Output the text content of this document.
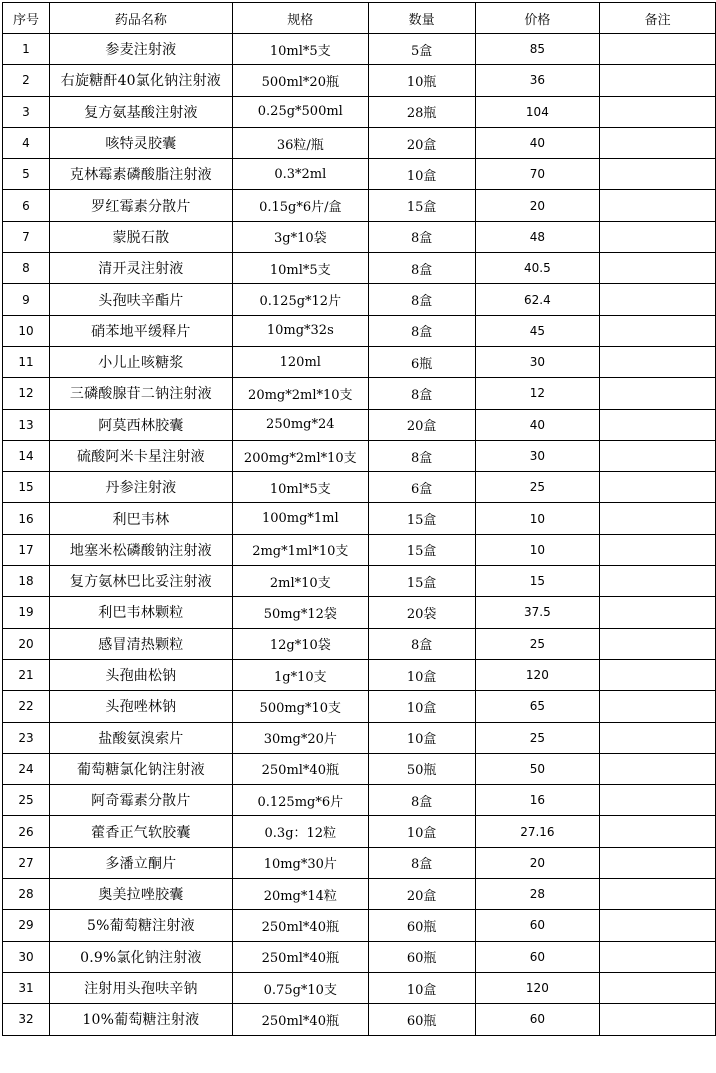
序号	药品名称	规格	数量	价格	备注
1	参麦注射液	10ml*5支	5盒	85	
2	右旋糖酐40氯化钠注射液	500ml*20瓶	10瓶	36	
3	复方氨基酸注射液	0.25g*500ml	28瓶	104	
4	咳特灵胶囊	36粒/瓶	20盒	40	
5	克林霉素磷酸脂注射液	0.3*2ml	10盒	70	
6	罗红霉素分散片	0.15g*6片/盒	15盒	20	
7	蒙脱石散	3g*10袋	8盒	48	
8	清开灵注射液	10ml*5支	8盒	40.5	
9	头孢呋辛酯片	0.125g*12片	8盒	62.4	
10	硝苯地平缓释片	10mg*32s	8盒	45	
11	小儿止咳糖浆	120ml	6瓶	30	
12	三磷酸腺苷二钠注射液	20mg*2ml*10支	8盒	12	
13	阿莫西林胶囊	250mg*24	20盒	40	
14	硫酸阿米卡星注射液	200mg*2ml*10支	8盒	30	
15	丹参注射液	10ml*5支	6盒	25	
16	利巴韦林	100mg*1ml	15盒	10	
17	地塞米松磷酸钠注射液	2mg*1ml*10支	15盒	10	
18	复方氨林巴比妥注射液	2ml*10支	15盒	15	
19	利巴韦林颗粒	50mg*12袋	20袋	37.5	
20	感冒清热颗粒	12g*10袋	8盒	25	
21	头孢曲松钠	1g*10支	10盒	120	
22	头孢唑林钠	500mg*10支	10盒	65	
23	盐酸氨溴索片	30mg*20片	10盒	25	
24	葡萄糖氯化钠注射液	250ml*40瓶	50瓶	50	
25	阿奇霉素分散片	0.125mg*6片	8盒	16	
26	藿香正气软胶囊	0.3g：12粒	10盒	27.16	
27	多潘立酮片	10mg*30片	8盒	20	
28	奥美拉唑胶囊	20mg*14粒	20盒	28	
29	5%葡萄糖注射液	250ml*40瓶	60瓶	60	
30	0.9%氯化钠注射液	250ml*40瓶	60瓶	60	
31	注射用头孢呋辛钠	0.75g*10支	10盒	120	
32	10%葡萄糖注射液	250ml*40瓶	60瓶	60	
